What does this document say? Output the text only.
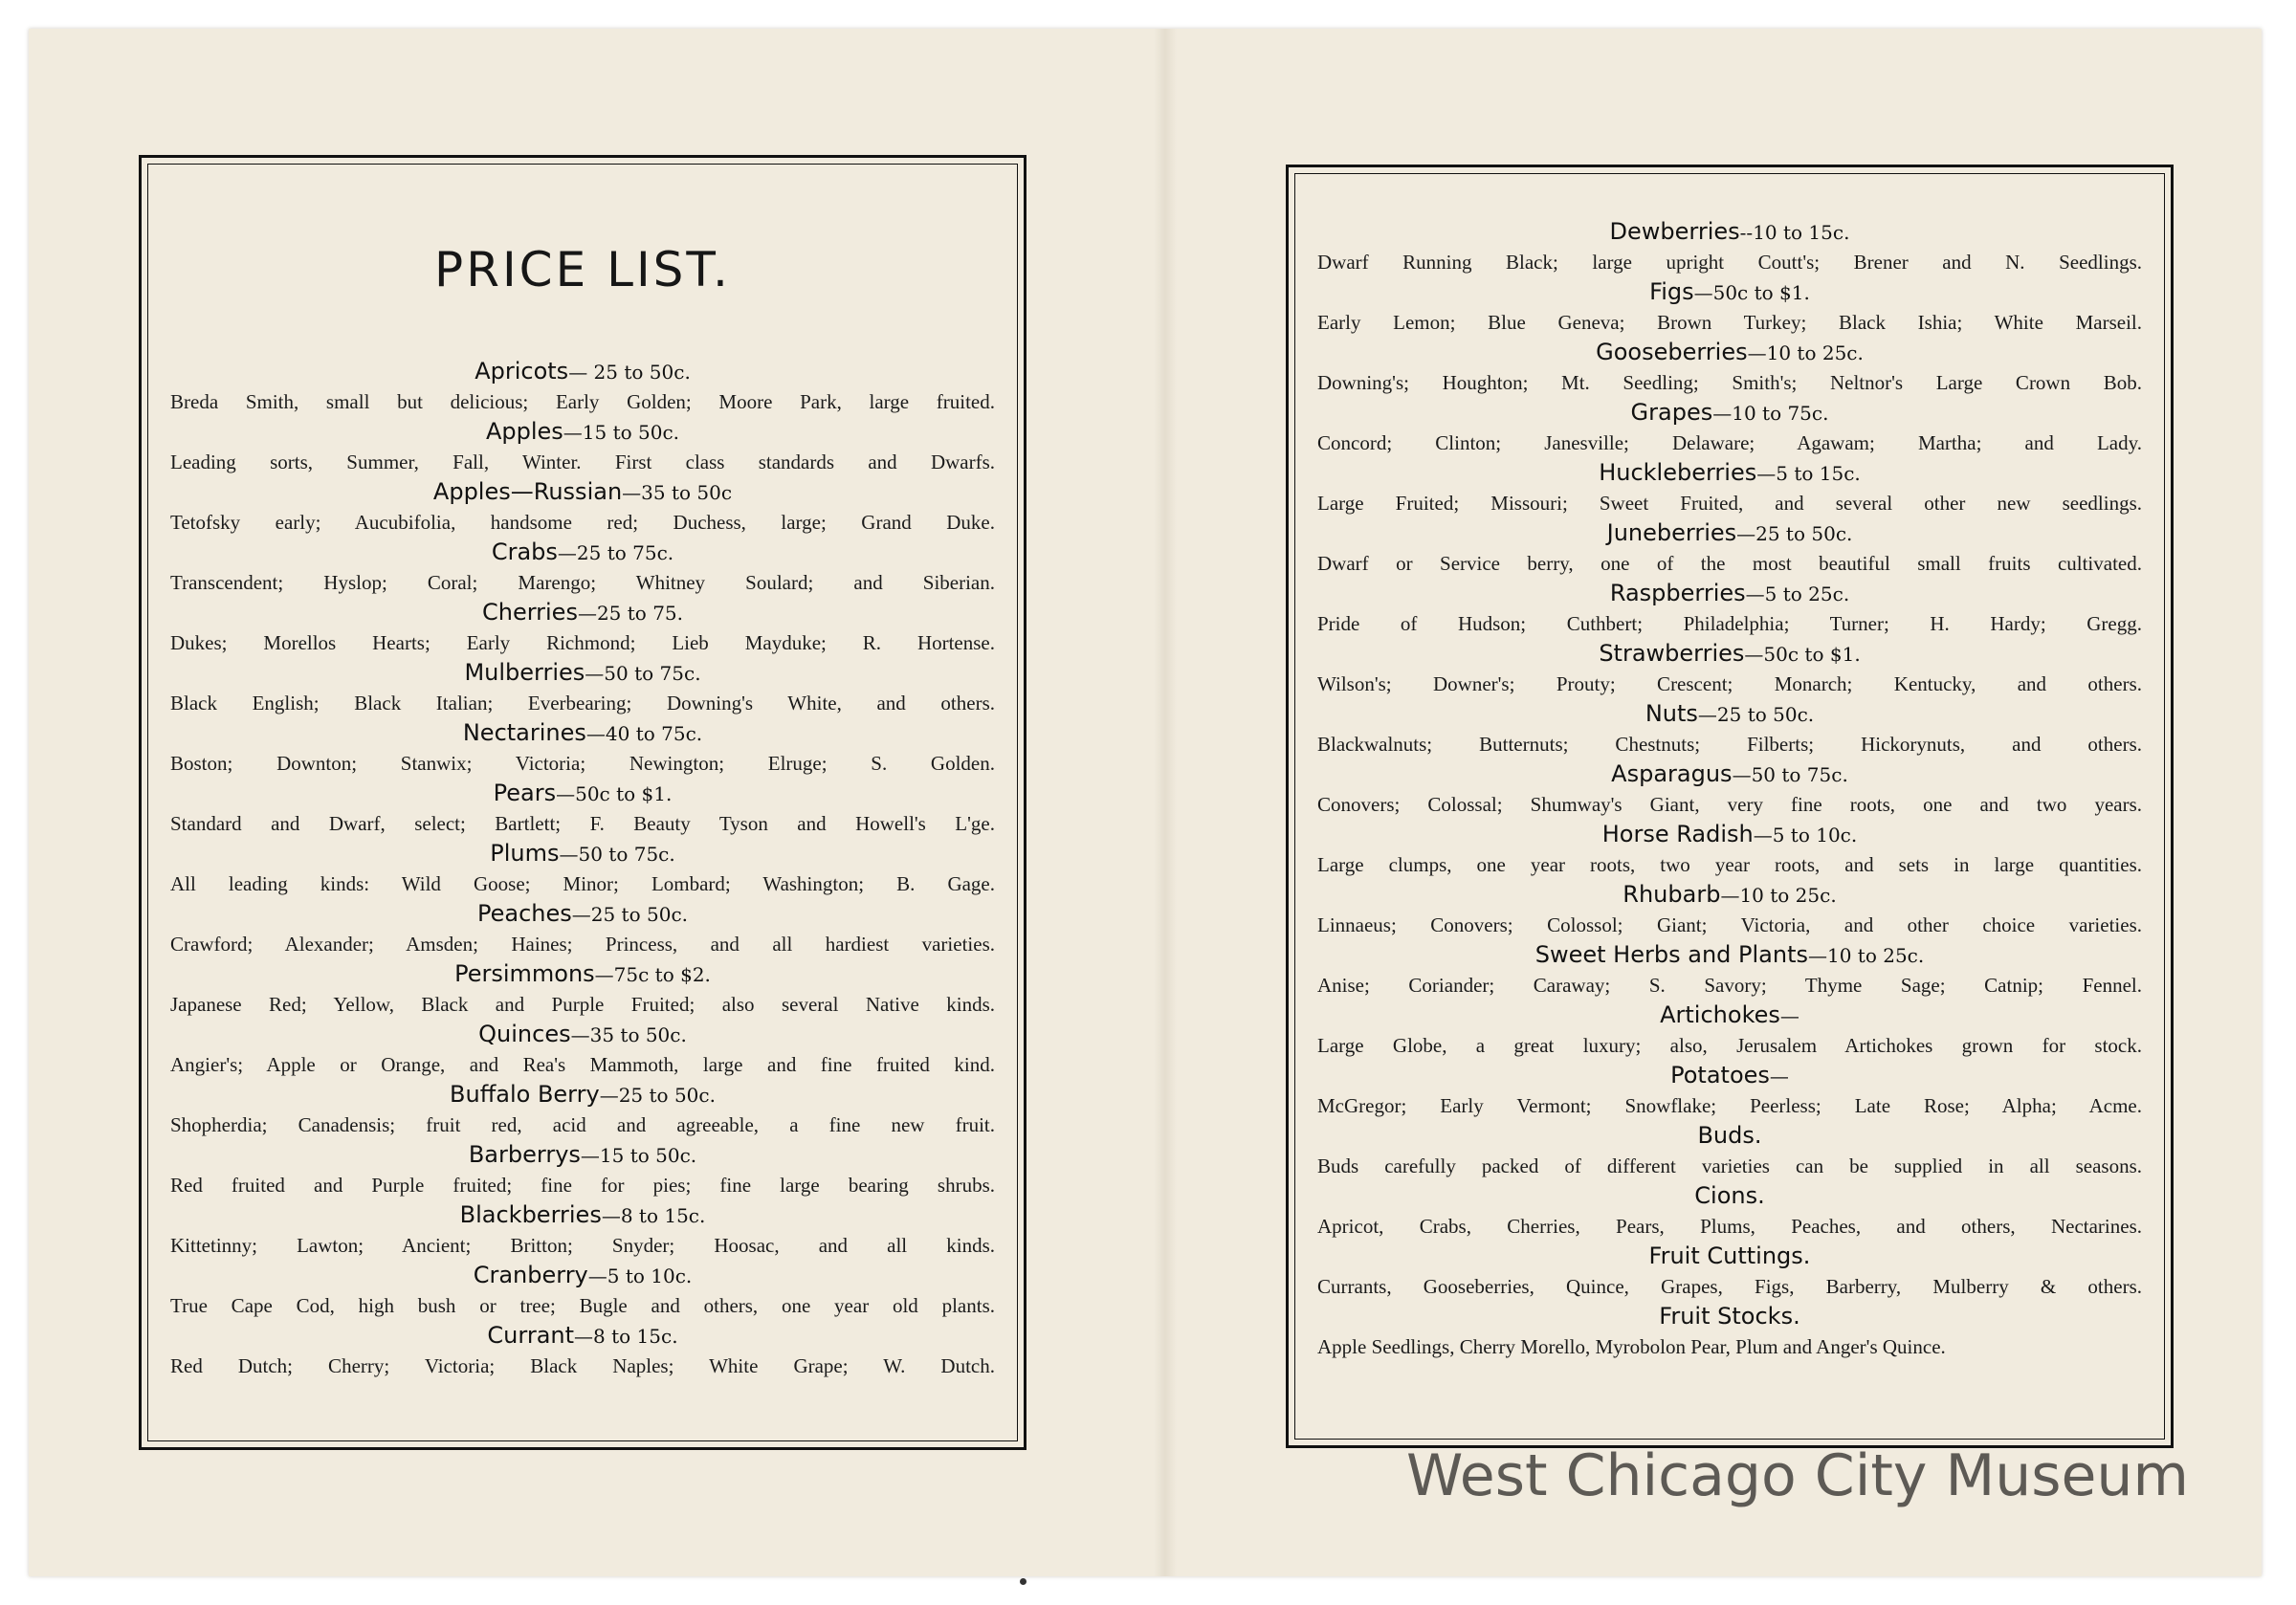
PRICE LIST.
Apricots— 25 to 50c.
Breda Smith, small but delicious; Early Golden; Moore Park, large fruited.
Apples—15 to 50c.
Leading sorts, Summer, Fall, Winter. First class standards and Dwarfs.
Apples—Russian—35 to 50c
Tetofsky early; Aucubifolia, handsome red; Duchess, large; Grand Duke.
Crabs—25 to 75c.
Transcendent; Hyslop; Coral; Marengo; Whitney Soulard; and Siberian.
Cherries—25 to 75.
Dukes; Morellos Hearts; Early Richmond; Lieb Mayduke; R. Hortense.
Mulberries—50 to 75c.
Black English; Black Italian; Everbearing; Downing's White, and others.
Nectarines—40 to 75c.
Boston; Downton; Stanwix; Victoria; Newington; Elruge; S. Golden.
Pears—50c to $1.
Standard and Dwarf, select; Bartlett; F. Beauty Tyson and Howell's L'ge.
Plums—50 to 75c.
All leading kinds: Wild Goose; Minor; Lombard; Washington; B. Gage.
Peaches—25 to 50c.
Crawford; Alexander; Amsden; Haines; Princess, and all hardiest varieties.
Persimmons—75c to $2.
Japanese Red; Yellow, Black and Purple Fruited; also several Native kinds.
Quinces—35 to 50c.
Angier's; Apple or Orange, and Rea's Mammoth, large and fine fruited kind.
Buffalo Berry—25 to 50c.
Shopherdia; Canadensis; fruit red, acid and agreeable, a fine new fruit.
Barberrys—15 to 50c.
Red fruited and Purple fruited; fine for pies; fine large bearing shrubs.
Blackberries—8 to 15c.
Kittetinny; Lawton; Ancient; Britton; Snyder; Hoosac, and all kinds.
Cranberry—5 to 10c.
True Cape Cod, high bush or tree; Bugle and others, one year old plants.
Currant—8 to 15c.
Red Dutch; Cherry; Victoria; Black Naples; White Grape; W. Dutch.
Dewberries--10 to 15c.
Dwarf Running Black; large upright Coutt's; Brener and N. Seedlings.
Figs—50c to $1.
Early Lemon; Blue Geneva; Brown Turkey; Black Ishia; White Marseil.
Gooseberries—10 to 25c.
Downing's; Houghton; Mt. Seedling; Smith's; Neltnor's Large Crown Bob.
Grapes—10 to 75c.
Concord; Clinton; Janesville; Delaware; Agawam; Martha; and Lady.
Huckleberries—5 to 15c.
Large Fruited; Missouri; Sweet Fruited, and several other new seedlings.
Juneberries—25 to 50c.
Dwarf or Service berry, one of the most beautiful small fruits cultivated.
Raspberries—5 to 25c.
Pride of Hudson; Cuthbert; Philadelphia; Turner; H. Hardy; Gregg.
Strawberries—50c to $1.
Wilson's; Downer's; Prouty; Crescent; Monarch; Kentucky, and others.
Nuts—25 to 50c.
Blackwalnuts; Butternuts; Chestnuts; Filberts; Hickorynuts, and others.
Asparagus—50 to 75c.
Conovers; Colossal; Shumway's Giant, very fine roots, one and two years.
Horse Radish—5 to 10c.
Large clumps, one year roots, two year roots, and sets in large quantities.
Rhubarb—10 to 25c.
Linnaeus; Conovers; Colossol; Giant; Victoria, and other choice varieties.
Sweet Herbs and Plants—10 to 25c.
Anise; Coriander; Caraway; S. Savory; Thyme Sage; Catnip; Fennel.
Artichokes—
Large Globe, a great luxury; also, Jerusalem Artichokes grown for stock.
Potatoes—
McGregor; Early Vermont; Snowflake; Peerless; Late Rose; Alpha; Acme.
Buds.
Buds carefully packed of different varieties can be supplied in all seasons.
Cions.
Apricot, Crabs, Cherries, Pears, Plums, Peaches, and others, Nectarines.
Fruit Cuttings.
Currants, Gooseberries, Quince, Grapes, Figs, Barberry, Mulberry & others.
Fruit Stocks.
Apple Seedlings, Cherry Morello, Myrobolon Pear, Plum and Anger's Quince.
West Chicago City Museum
